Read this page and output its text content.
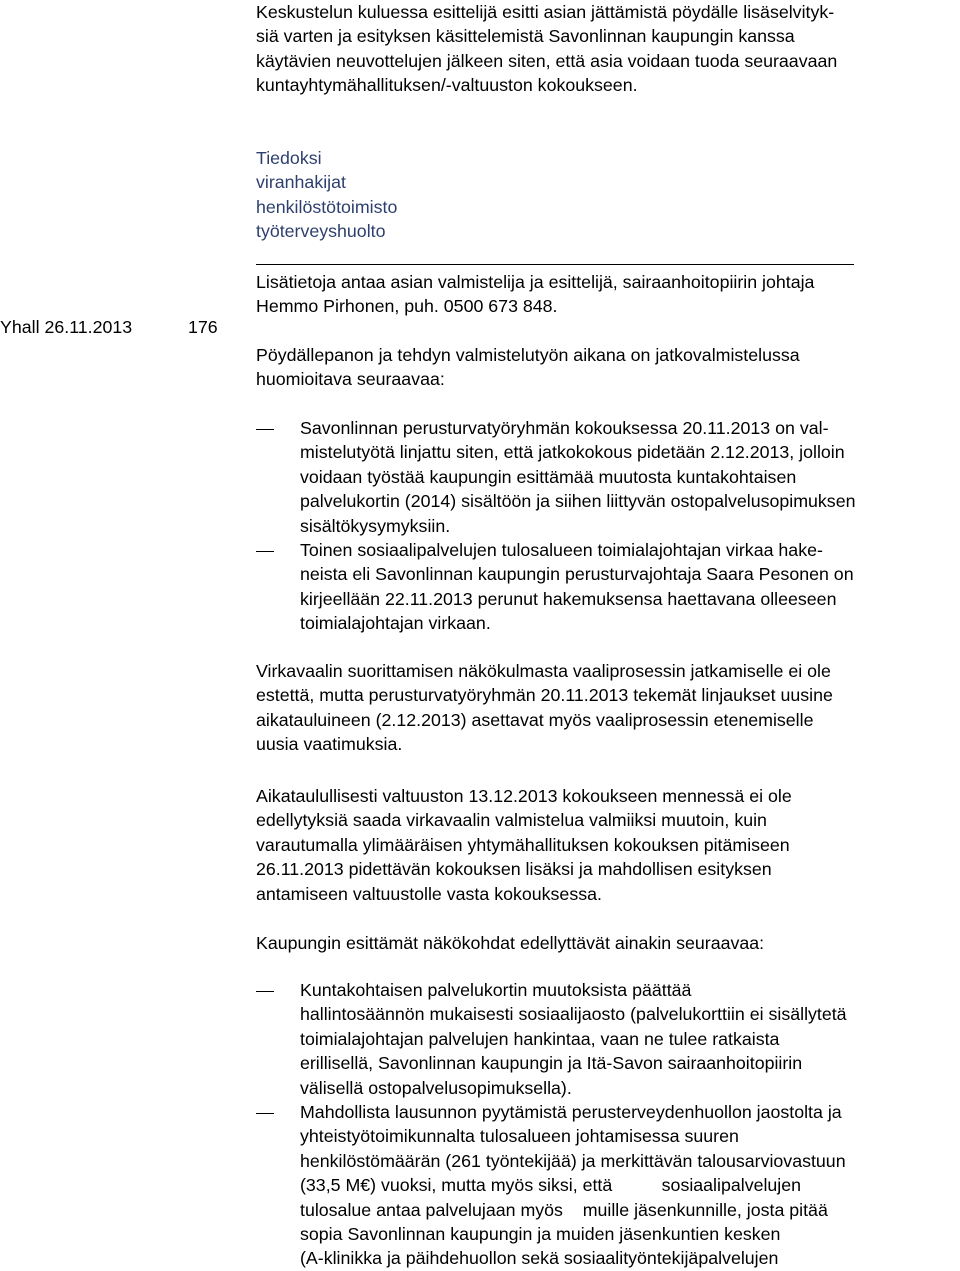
Keskustelun kuluessa esittelijä esitti asian jättämistä pöydälle lisäselvityk-
siä varten ja esityksen käsittelemistä Savonlinnan kaupungin kanssa
käytävien neuvottelujen jälkeen siten, että asia voidaan tuoda seuraavaan
kuntayhtymähallituksen/-valtuuston kokoukseen.
Tiedoksi
viranhakijat
henkilöstötoimisto
työterveyshuolto
Yhall 26.11.2013	176
Lisätietoja antaa asian valmistelija ja esittelijä, sairaanhoitopiirin johtaja
Hemmo Pirhonen, puh. 0500 673 848.
Pöydällepanon ja tehdyn valmistelutyön aikana on jatkovalmistelussa
huomioitava seuraavaa:
Savonlinnan perusturvatyöryhmän kokouksessa 20.11.2013 on val-
mistelutyötä linjattu siten, että jatkokokous pidetään 2.12.2013, jolloin
voidaan työstää kaupungin esittämää muutosta kuntakohtaisen
palvelukortin (2014) sisältöön ja siihen liittyvän ostopalvelusopimuksen
sisältökysymyksiin.
Toinen sosiaalipalvelujen tulosalueen toimialajohtajan virkaa hake-
neista eli Savonlinnan kaupungin perusturvajohtaja Saara Pesonen on
kirjeellään 22.11.2013 perunut hakemuksensa haettavana olleeseen
toimialajohtajan virkaan.
Virkavaalin suorittamisen näkökulmasta vaaliprosessin jatkamiselle ei ole
estettä, mutta perusturvatyöryhmän 20.11.2013 tekemät linjaukset uusine
aikatauluineen (2.12.2013) asettavat myös vaaliprosessin etenemiselle
uusia vaatimuksia.
Aikataulullisesti valtuuston 13.12.2013 kokoukseen mennessä ei ole
edellytyksiä saada virkavaalin valmistelua valmiiksi muutoin, kuin
varautumalla ylimääräisen yhtymähallituksen kokouksen pitämiseen
26.11.2013 pidettävän kokouksen lisäksi ja mahdollisen esityksen
antamiseen valtuustolle vasta kokouksessa.
Kaupungin esittämät näkökohdat edellyttävät ainakin seuraavaa:
Kuntakohtaisen palvelukortin muutoksista päättää
hallintosäännön mukaisesti sosiaalijaosto (palvelukorttiin ei sisällytetä
toimialajohtajan palvelujen hankintaa, vaan ne tulee ratkaista
erillisellä, Savonlinnan kaupungin ja Itä-Savon sairaanhoitopiirin
välisellä ostopalvelusopimuksella).
Mahdollista lausunnon pyytämistä perusterveydenhuollon jaostolta ja
yhteistyötoimikunnalta tulosalueen johtamisessa suuren
henkilöstömäärän (261 työntekijää) ja merkittävän talousarviovastuun
(33,5 M€) vuoksi, mutta myös siksi, että          sosiaalipalvelujen
tulosalue antaa palvelujaan myös    muille jäsenkunnille, josta pitää
sopia Savonlinnan kaupungin ja muiden jäsenkuntien kesken
(A-klinikka ja päihdehuollon sekä sosiaalityöntekijäpalvelujen
